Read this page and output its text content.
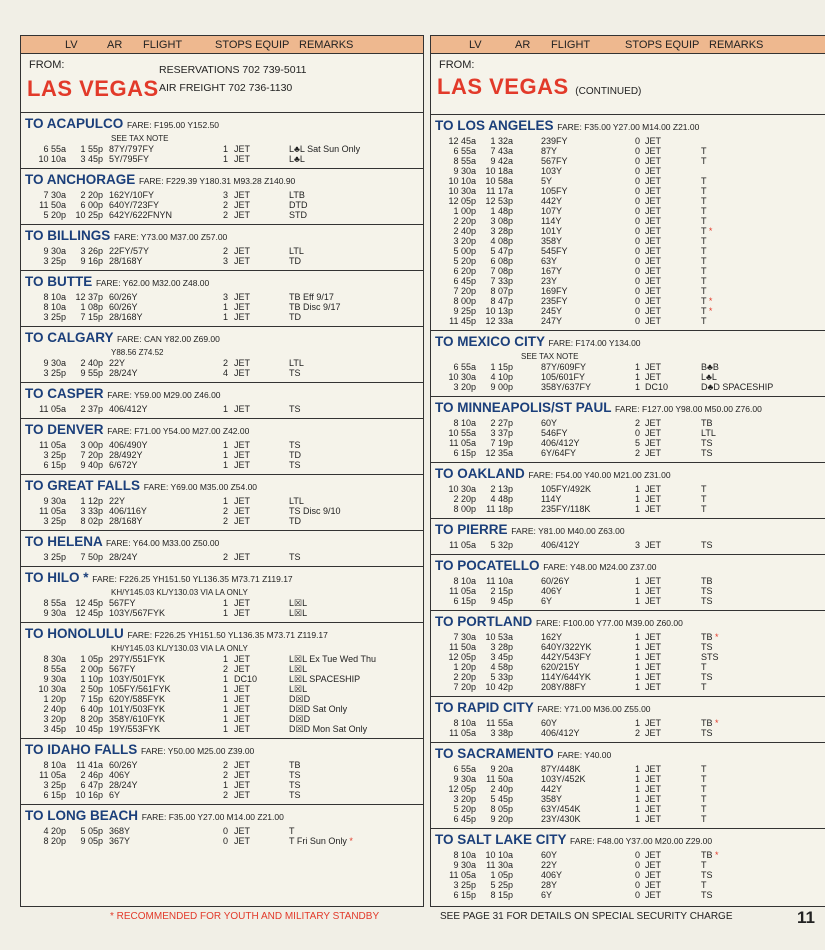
LV	AR FLIGHT	STOPS EQUIP REMARKS
FROM:	RESERVATIONS 702 739-5011
AIR FREIGHT 702 736-1130
LAS VEGAS
TO ACAPULCO FARE: F195.00 Y152.50
SEE TAX NOTE
6 55a 1 55p 87Y/797FY	1 JET	L♣L Sat Sun Only
10 10a 3 45p 5Y/795FY	1 JET	L♣L
TO ANCHORAGE FARE: F229.39 Y180.31 M93.28 Z140.90
7 30a 2 20p 162Y/10FY	3 JET	LTB
11 50a 6 00p 640Y/723FY	2 JET	DTD
5 20p 10 25p 642Y/622FNYN	2 JET	STD
TO BILLINGS FARE: Y73.00 M37.00 Z57.00
9 30a 3 26p 22FY/57Y	2 JET	LTL
3 25p 9 16p 28/168Y	3 JET	TD
TO BUTTE FARE: Y62.00 M32.00 Z48.00
8 10a 12 37p 60/26Y	3 JET	TB Eff 9/17
8 10a 1 08p 60/26Y	1 JET	TB Disc 9/17
3 25p 7 15p 28/168Y	1 JET	TD
TO CALGARY FARE: CAN Y82.00 Z69.00
Y88.56 Z74.52
9 30a 2 40p 22Y	2 JET	LTL
3 25p 9 55p 28/24Y	4 JET	TS
TO CASPER FARE: Y59.00 M29.00 Z46.00
11 05a 2 37p 406/412Y	1 JET	TS
TO DENVER FARE: F71.00 Y54.00 M27.00 Z42.00
11 05a 3 00p 406/490Y	1 JET	TS
3 25p 7 20p 28/492Y	1 JET	TD
6 15p 9 40p 6/672Y	1 JET	TS
TO GREAT FALLS FARE: Y69.00 M35.00 Z54.00
9 30a 1 12p 22Y	1 JET	LTL
11 05a 3 33p 406/116Y	2 JET	TS Disc 9/10
3 25p 8 02p 28/168Y	2 JET	TD
TO HELENA FARE: Y64.00 M33.00 Z50.00
3 25p 7 50p 28/24Y	2 JET	TS
TO HILO * FARE: F226.25 YH151.50 YL136.35 M73.71 Z119.17
KH/Y145.03 KL/Y130.03 VIA LA ONLY
8 55a 12 45p 567FY	1 JET	L☒L
9 30a 12 45p 103Y/567FYK	1 JET	L☒L
TO HONOLULU FARE: F226.25 YH151.50 YL136.35 M73.71 Z119.17
KH/Y145.03 KL/Y130.03 VIA LA ONLY
8 30a 1 05p 297Y/551FYK	1 JET	L☒L Ex Tue Wed Thu
8 55a 2 00p 567FY	2 JET	L☒L
9 30a 1 10p 103Y/501FYK	1 DC10	L☒L SPACESHIP
10 30a 2 50p 105FY/561FYK	1 JET	L☒L
1 20p 7 15p 620Y/585FYK	1 JET	D☒D
2 40p 6 40p 101Y/503FYK	1 JET	D☒D Sat Only
3 20p 8 20p 358Y/610FYK	1 JET	D☒D
3 45p 10 45p 19Y/553FYK	1 JET	D☒D Mon Sat Only
TO IDAHO FALLS FARE: Y50.00 M25.00 Z39.00
8 10a 11 41a 60/26Y	2 JET	TB
11 05a 2 46p 406Y	2 JET	TS
3 25p 6 47p 28/24Y	1 JET	TS
6 15p 10 16p 6Y	2 JET	TS
TO LONG BEACH FARE: F35.00 Y27.00 M14.00 Z21.00
4 20p 5 05p 368Y	0 JET	T
8 20p 9 05p 367Y	0 JET	T Fri Sun Only *
LV	AR FLIGHT	STOPS EQUIP REMARKS
FROM:
LAS VEGAS (CONTINUED)
TO LOS ANGELES FARE: F35.00 Y27.00 M14.00 Z21.00
12 45a 1 32a	239FY	0 JET
6 55a 7 43a	87Y	0 JET	T
8 55a 9 42a	567FY	0 JET	T
9 30a 10 18a	103Y	0 JET
10 10a 10 58a	5Y	0 JET	T
10 30a 11 17a	105FY	0 JET	T
12 05p 12 53p	442Y	0 JET	T
1 00p 1 48p	107Y	0 JET	T
2 20p 3 08p	114Y	0 JET	T
2 40p 3 28p	101Y	0 JET	T *
3 20p 4 08p	358Y	0 JET	T
5 00p 5 47p	545FY	0 JET	T
5 20p 6 08p	63Y	0 JET	T
6 20p 7 08p	167Y	0 JET	T
6 45p 7 33p	23Y	0 JET	T
7 20p 8 07p	169FY	0 JET	T
8 00p 8 47p	235FY	0 JET	T *
9 25p 10 13p	245Y	0 JET	T *
11 45p 12 33a	247Y	0 JET	T
TO MEXICO CITY FARE: F174.00 Y134.00
SEE TAX NOTE
6 55a 1 15p	87Y/609FY	1 JET	B♣B
10 30a 4 10p	105/601FY	1 JET	L♣L
3 20p 9 00p	358Y/637FY	1 DC10	D♣D SPACESHIP
TO MINNEAPOLIS/ST PAUL FARE: F127.00 Y98.00 M50.00 Z76.00
8 10a 2 27p	60Y	2 JET	TB
10 55a 3 37p	546FY	0 JET	LTL
11 05a 7 19p	406/412Y	5 JET	TS
6 15p 12 35a	6Y/64FY	2 JET	TS
TO OAKLAND FARE: F54.00 Y40.00 M21.00 Z31.00
10 30a 2 13p	105FY/492K	1 JET	T
2 20p 4 48p	114Y	1 JET	T
8 00p 11 18p	235FY/118K	1 JET	T
TO PIERRE FARE: Y81.00 M40.00 Z63.00
11 05a 5 32p	406/412Y	3 JET	TS
TO POCATELLO FARE: Y48.00 M24.00 Z37.00
8 10a 11 10a	60/26Y	1 JET	TB
11 05a 2 15p	406Y	1 JET	TS
6 15p 9 45p	6Y	1 JET	TS
TO PORTLAND FARE: F100.00 Y77.00 M39.00 Z60.00
7 30a 10 53a	162Y	1 JET	TB *
11 50a 3 28p	640Y/322YK	1 JET	TS
12 05p 3 45p	442Y/543FY	1 JET	STS
1 20p 4 58p	620/215Y	1 JET	T
2 20p 5 33p	114Y/644YK	1 JET	TS
7 20p 10 42p	208Y/88FY	1 JET	T
TO RAPID CITY FARE: Y71.00 M36.00 Z55.00
8 10a 11 55a	60Y	1 JET	TB *
11 05a 3 38p	406/412Y	2 JET	TS
TO SACRAMENTO FARE: Y40.00
6 55a 9 20a	87Y/448K	1 JET	T
9 30a 11 50a	103Y/452K	1 JET	T
12 05p 2 40p	442Y	1 JET	T
3 20p 5 45p	358Y	1 JET	T
5 20p 8 05p	63Y/454K	1 JET	T
6 45p 9 20p	23Y/430K	1 JET	T
TO SALT LAKE CITY FARE: F48.00 Y37.00 M20.00 Z29.00
8 10a 10 10a	60Y	0 JET	TB *
9 30a 11 30a	22Y	0 JET	T
11 05a 1 05p	406Y	0 JET	TS
3 25p 5 25p	28Y	0 JET	T
6 15p 8 15p	6Y	0 JET	TS
* RECOMMENDED FOR YOUTH AND MILITARY STANDBY	SEE PAGE 31 FOR DETAILS ON SPECIAL SECURITY CHARGE	11
